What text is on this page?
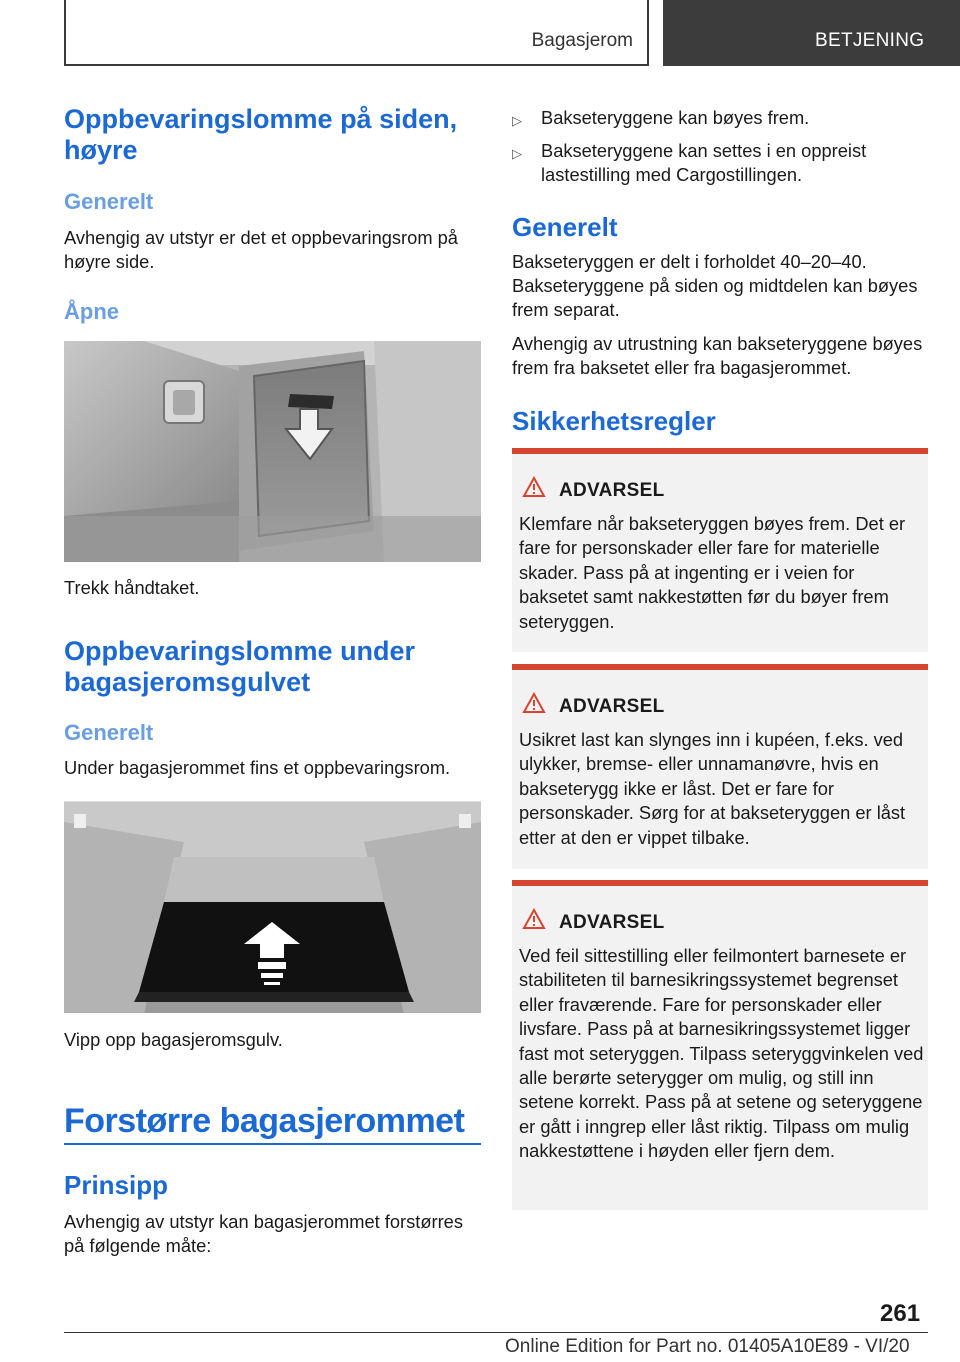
Bagasjerom	BETJENING
Oppbevaringslomme på siden, høyre
Generelt
Avhengig av utstyr er det et oppbevaringsrom på høyre side.
Åpne
Trekk håndtaket.
Oppbevaringslomme under bagasjeromsgulvet
Generelt
Under bagasjerommet fins et oppbevaringsrom.
Vipp opp bagasjeromsgulv.
Forstørre bagasjerommet
Prinsipp
Avhengig av utstyr kan bagasjerommet forstørres på følgende måte:
▷ Bakseteryggene kan bøyes frem.
▷ Bakseteryggene kan settes i en oppreist lastestilling med Cargostillingen.
Generelt
Bakseteryggen er delt i forholdet 40–20–40. Bakseteryggene på siden og midtdelen kan bøyes frem separat.
Avhengig av utrustning kan bakseteryggene bøyes frem fra baksetet eller fra bagasjerommet.
Sikkerhetsregler
ADVARSEL
Klemfare når bakseteryggen bøyes frem. Det er fare for personskader eller fare for materielle skader. Pass på at ingenting er i veien for baksetet samt nakkestøtten før du bøyer frem seteryggen.
ADVARSEL
Usikret last kan slynges inn i kupéen, f.eks. ved ulykker, bremse- eller unnamanøvre, hvis en bakseterygg ikke er låst. Det er fare for personskader. Sørg for at bakseteryggen er låst etter at den er vippet tilbake.
ADVARSEL
Ved feil sittestilling eller feilmontert barnesete er stabiliteten til barnesikringssystemet begrenset eller fraværende. Fare for personskader eller livsfare. Pass på at barnesikringssystemet ligger fast mot seteryggen. Tilpass seteryggvinkelen ved alle berørte seterygger om mulig, og still inn setene korrekt. Pass på at setene og seteryggene er gått i inngrep eller låst riktig. Tilpass om mulig nakkestøttene i høyden eller fjern dem.
261
Online Edition for Part no. 01405A10E89 - VI/20
